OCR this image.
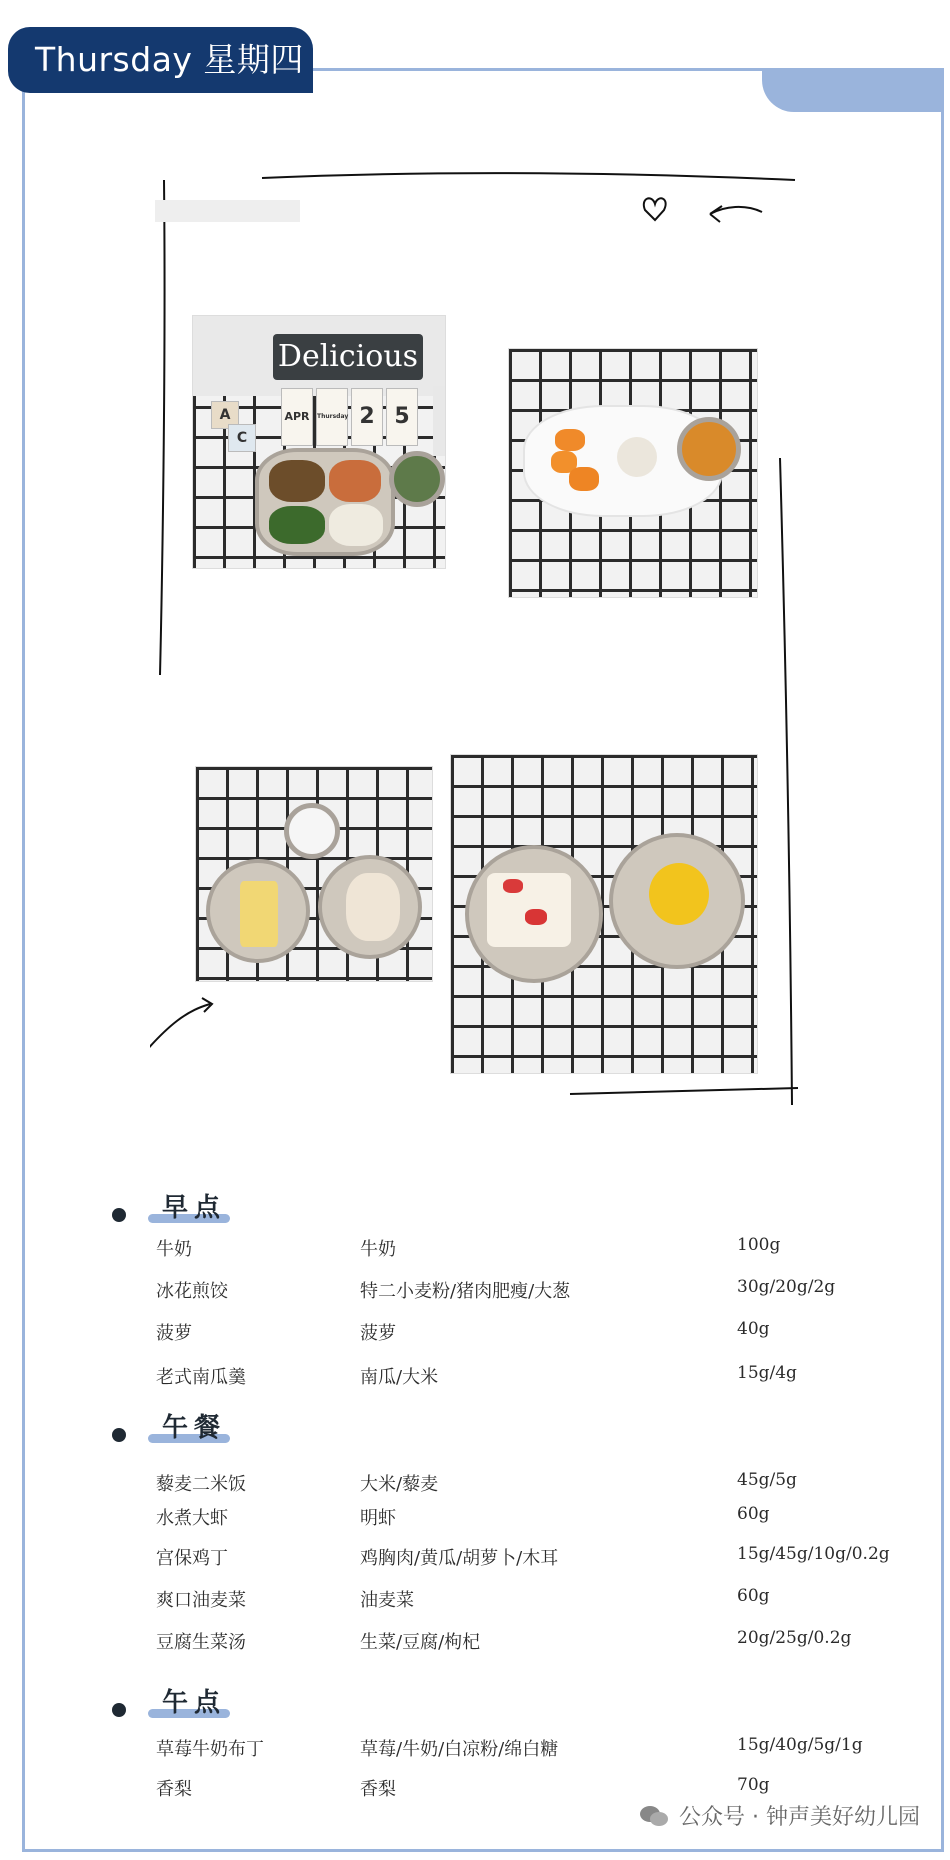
Thursday 星期四
Delicious
APR	Thursday 2 5
A
C
早点
牛奶	牛奶	100g
冰花煎饺	特二小麦粉/猪肉肥瘦/大葱	30g/20g/2g
菠萝	菠萝	40g
老式南瓜羹	南瓜/大米	15g/4g
午餐
藜麦二米饭	大米/藜麦	45g/5g
水煮大虾	明虾	60g
宫保鸡丁	鸡胸肉/黄瓜/胡萝卜/木耳	15g/45g/10g/0.2g
爽口油麦菜	油麦菜	60g
豆腐生菜汤	生菜/豆腐/枸杞	20g/25g/0.2g
午点
草莓牛奶布丁	草莓/牛奶/白凉粉/绵白糖	15g/40g/5g/1g
香梨	香梨	70g
公众号 · 钟声美好幼儿园
